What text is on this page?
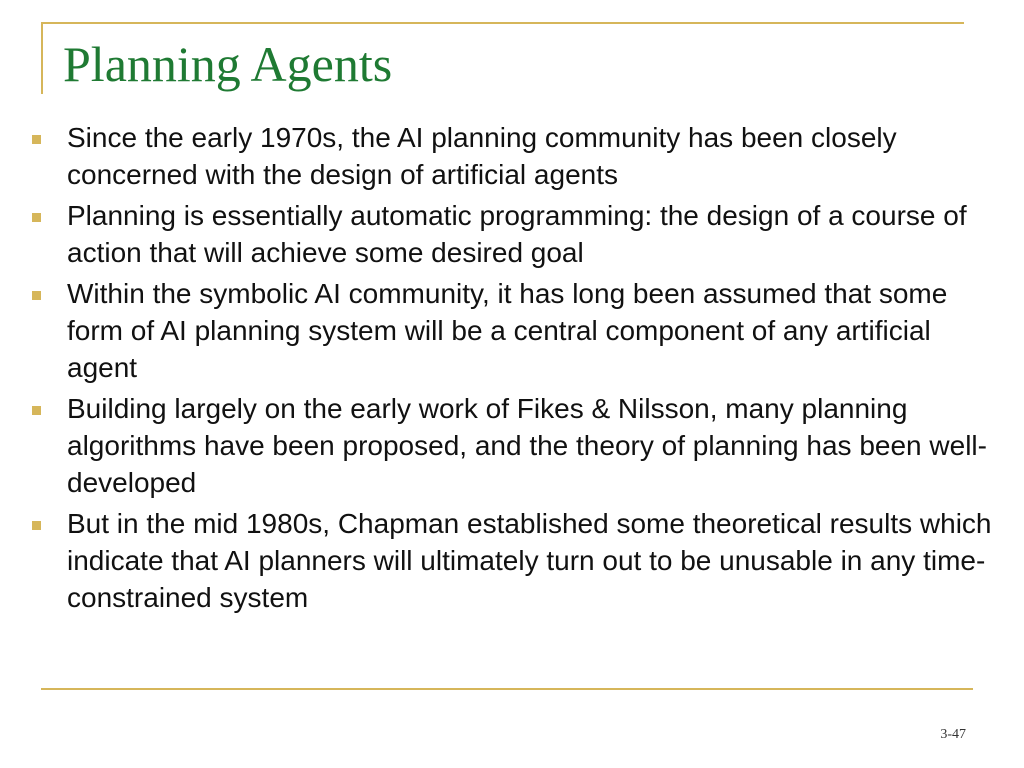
Planning Agents
Since the early 1970s, the AI planning community has been closely concerned with the design of artificial agents
Planning is essentially automatic programming: the design of a course of action that will achieve some desired goal
Within the symbolic AI community, it has long been assumed that some form of AI planning system will be a central component of any artificial agent
Building largely on the early work of Fikes & Nilsson, many planning algorithms have been proposed, and the theory of planning has been well-developed
But in the mid 1980s, Chapman established some theoretical results which indicate that AI planners will ultimately turn out to be unusable in any time-constrained system
3-47
